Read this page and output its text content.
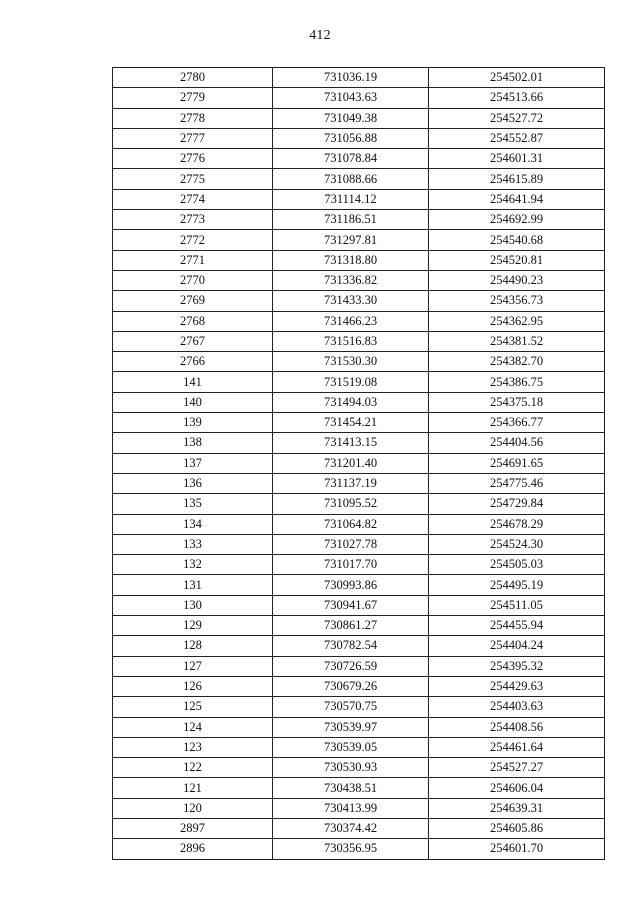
412
2780	731036.19	254502.01
2779	731043.63	254513.66
2778	731049.38	254527.72
2777	731056.88	254552.87
2776	731078.84	254601.31
2775	731088.66	254615.89
2774	731114.12	254641.94
2773	731186.51	254692.99
2772	731297.81	254540.68
2771	731318.80	254520.81
2770	731336.82	254490.23
2769	731433.30	254356.73
2768	731466.23	254362.95
2767	731516.83	254381.52
2766	731530.30	254382.70
141	731519.08	254386.75
140	731494.03	254375.18
139	731454.21	254366.77
138	731413.15	254404.56
137	731201.40	254691.65
136	731137.19	254775.46
135	731095.52	254729.84
134	731064.82	254678.29
133	731027.78	254524.30
132	731017.70	254505.03
131	730993.86	254495.19
130	730941.67	254511.05
129	730861.27	254455.94
128	730782.54	254404.24
127	730726.59	254395.32
126	730679.26	254429.63
125	730570.75	254403.63
124	730539.97	254408.56
123	730539.05	254461.64
122	730530.93	254527.27
121	730438.51	254606.04
120	730413.99	254639.31
2897	730374.42	254605.86
2896	730356.95	254601.70
